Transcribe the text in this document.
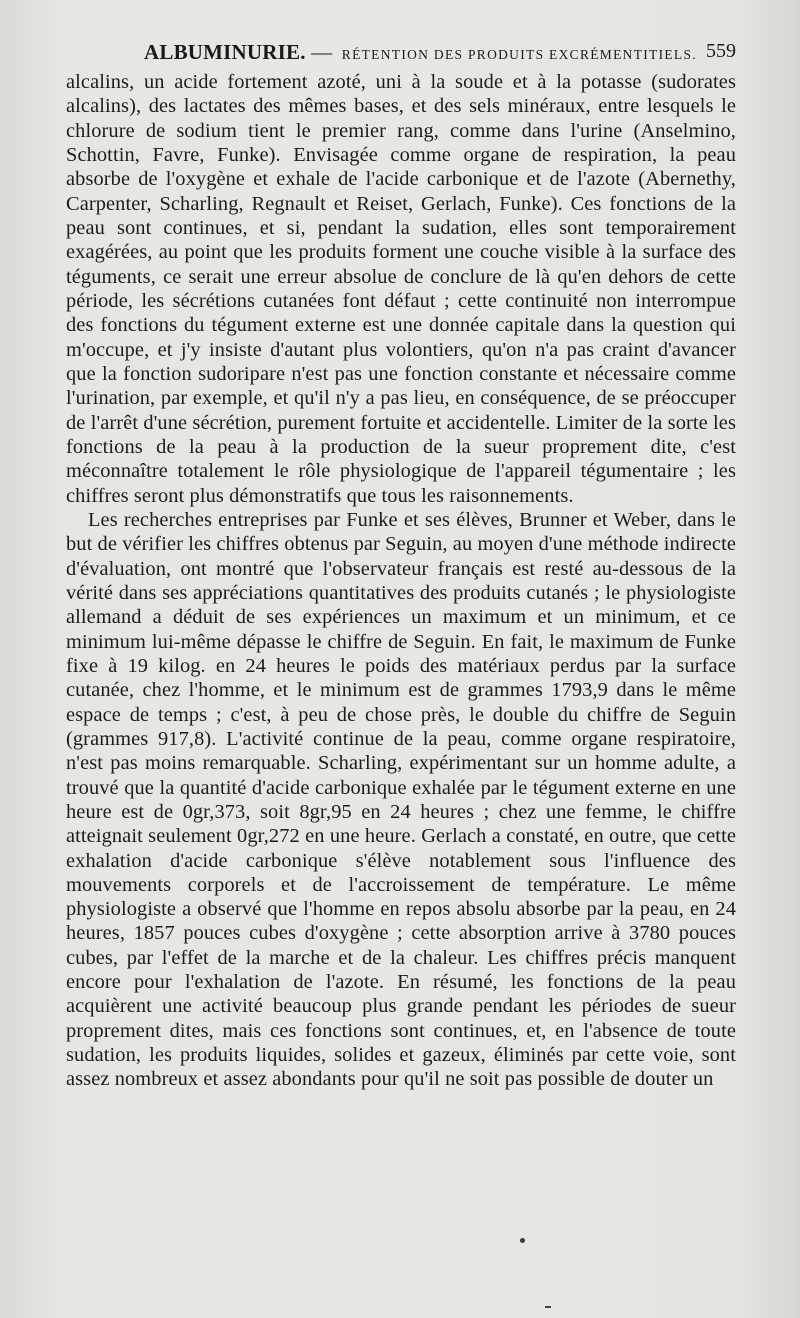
ALBUMINURIE. — RÉTENTION DES PRODUITS EXCRÉMENTITIELS. 559

alcalins, un acide fortement azoté, uni à la soude et à la potasse (sudorates alcalins), des lactates des mêmes bases, et des sels minéraux, entre lesquels le chlorure de sodium tient le premier rang, comme dans l'urine (Anselmino, Schottin, Favre, Funke). Envisagée comme organe de respiration, la peau absorbe de l'oxygène et exhale de l'acide carbonique et de l'azote (Abernethy, Carpenter, Scharling, Regnault et Reiset, Gerlach, Funke). Ces fonctions de la peau sont continues, et si, pendant la sudation, elles sont temporairement exagérées, au point que les produits forment une couche visible à la surface des téguments, ce serait une erreur absolue de conclure de là qu'en dehors de cette période, les sécrétions cutanées font défaut ; cette continuité non interrompue des fonctions du tégument externe est une donnée capitale dans la question qui m'occupe, et j'y insiste d'autant plus volontiers, qu'on n'a pas craint d'avancer que la fonction sudoripare n'est pas une fonction constante et nécessaire comme l'urination, par exemple, et qu'il n'y a pas lieu, en conséquence, de se préoccuper de l'arrêt d'une sécrétion, purement fortuite et accidentelle. Limiter de la sorte les fonctions de la peau à la production de la sueur proprement dite, c'est méconnaître totalement le rôle physiologique de l'appareil tégumentaire ; les chiffres seront plus démonstratifs que tous les raisonnements.

Les recherches entreprises par Funke et ses élèves, Brunner et Weber, dans le but de vérifier les chiffres obtenus par Seguin, au moyen d'une méthode indirecte d'évaluation, ont montré que l'observateur français est resté au-dessous de la vérité dans ses appréciations quantitatives des produits cutanés ; le physiologiste allemand a déduit de ses expériences un maximum et un minimum, et ce minimum lui-même dépasse le chiffre de Seguin. En fait, le maximum de Funke fixe à 19 kilog. en 24 heures le poids des matériaux perdus par la surface cutanée, chez l'homme, et le minimum est de grammes 1793,9 dans le même espace de temps ; c'est, à peu de chose près, le double du chiffre de Seguin (grammes 917,8). L'activité continue de la peau, comme organe respiratoire, n'est pas moins remarquable. Scharling, expérimentant sur un homme adulte, a trouvé que la quantité d'acide carbonique exhalée par le tégument externe en une heure est de 0gr,373, soit 8gr,95 en 24 heures ; chez une femme, le chiffre atteignait seulement 0gr,272 en une heure. Gerlach a constaté, en outre, que cette exhalation d'acide carbonique s'élève notablement sous l'influence des mouvements corporels et de l'accroissement de température. Le même physiologiste a observé que l'homme en repos absolu absorbe par la peau, en 24 heures, 1857 pouces cubes d'oxygène ; cette absorption arrive à 3780 pouces cubes, par l'effet de la marche et de la chaleur. Les chiffres précis manquent encore pour l'exhalation de l'azote. En résumé, les fonctions de la peau acquièrent une activité beaucoup plus grande pendant les périodes de sueur proprement dites, mais ces fonctions sont continues, et, en l'absence de toute sudation, les produits liquides, solides et gazeux, éliminés par cette voie, sont assez nombreux et assez abondants pour qu'il ne soit pas possible de douter un
